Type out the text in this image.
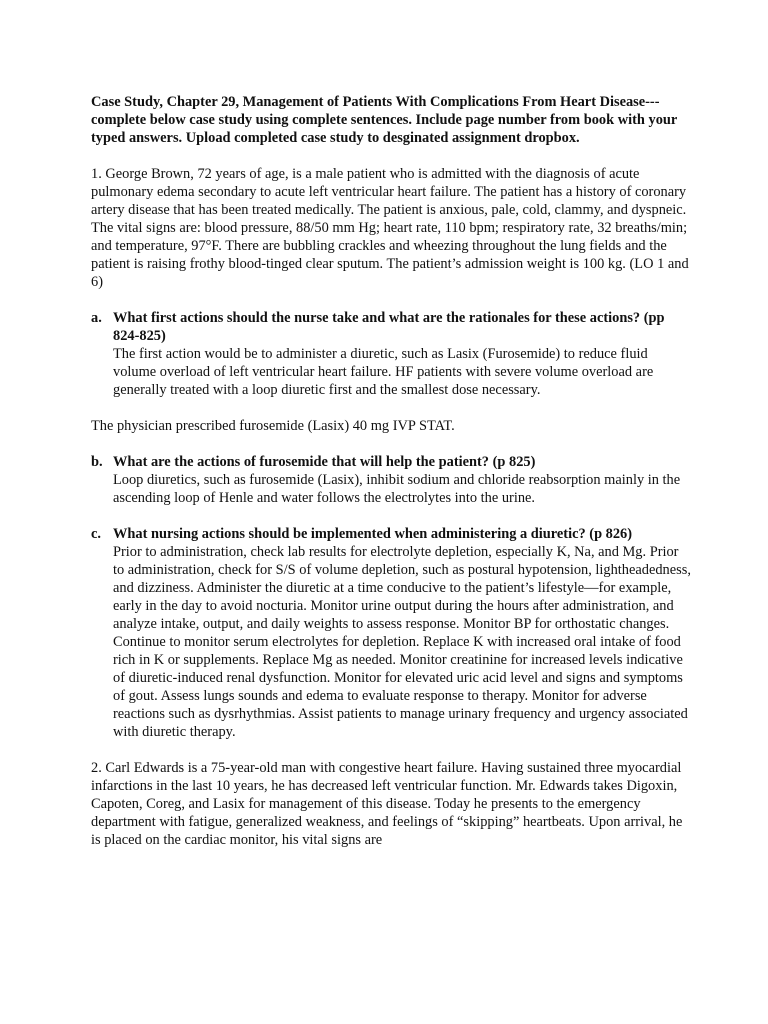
Case Study, Chapter 29, Management of Patients With Complications From Heart Disease---complete below case study using complete sentences. Include page number from book with your typed answers. Upload completed case study to desginated assignment dropbox.

1. George Brown, 72 years of age, is a male patient who is admitted with the diagnosis of acute pulmonary edema secondary to acute left ventricular heart failure. The patient has a history of coronary artery disease that has been treated medically. The patient is anxious, pale, cold, clammy, and dyspneic. The vital signs are: blood pressure, 88/50 mm Hg; heart rate, 110 bpm; respiratory rate, 32 breaths/min; and temperature, 97°F. There are bubbling crackles and wheezing throughout the lung fields and the patient is raising frothy blood-tinged clear sputum. The patient’s admission weight is 100 kg. (LO 1 and 6)

a. What first actions should the nurse take and what are the rationales for these actions? (pp 824-825)

The first action would be to administer a diuretic, such as Lasix (Furosemide) to reduce fluid volume overload of left ventricular heart failure. HF patients with severe volume overload are generally treated with a loop diuretic first and the smallest dose necessary.

The physician prescribed furosemide (Lasix) 40 mg IVP STAT.

b. What are the actions of furosemide that will help the patient? (p 825)

Loop diuretics, such as furosemide (Lasix), inhibit sodium and chloride reabsorption mainly in the ascending loop of Henle and water follows the electrolytes into the urine.

c. What nursing actions should be implemented when administering a diuretic? (p 826)

Prior to administration, check lab results for electrolyte depletion, especially K, Na, and Mg. Prior to administration, check for S/S of volume depletion, such as postural hypotension, lightheadedness, and dizziness. Administer the diuretic at a time conducive to the patient’s lifestyle—for example, early in the day to avoid nocturia. Monitor urine output during the hours after administration, and analyze intake, output, and daily weights to assess response. Monitor BP for orthostatic changes. Continue to monitor serum electrolytes for depletion. Replace K with increased oral intake of food rich in K or supplements. Replace Mg as needed. Monitor creatinine for increased levels indicative of diuretic-induced renal dysfunction. Monitor for elevated uric acid level and signs and symptoms of gout. Assess lungs sounds and edema to evaluate response to therapy. Monitor for adverse reactions such as dysrhythmias. Assist patients to manage urinary frequency and urgency associated with diuretic therapy.

2. Carl Edwards is a 75-year-old man with congestive heart failure. Having sustained three myocardial infarctions in the last 10 years, he has decreased left ventricular function. Mr. Edwards takes Digoxin, Capoten, Coreg, and Lasix for management of this disease. Today he presents to the emergency department with fatigue, generalized weakness, and feelings of “skipping” heartbeats. Upon arrival, he is placed on the cardiac monitor, his vital signs are
